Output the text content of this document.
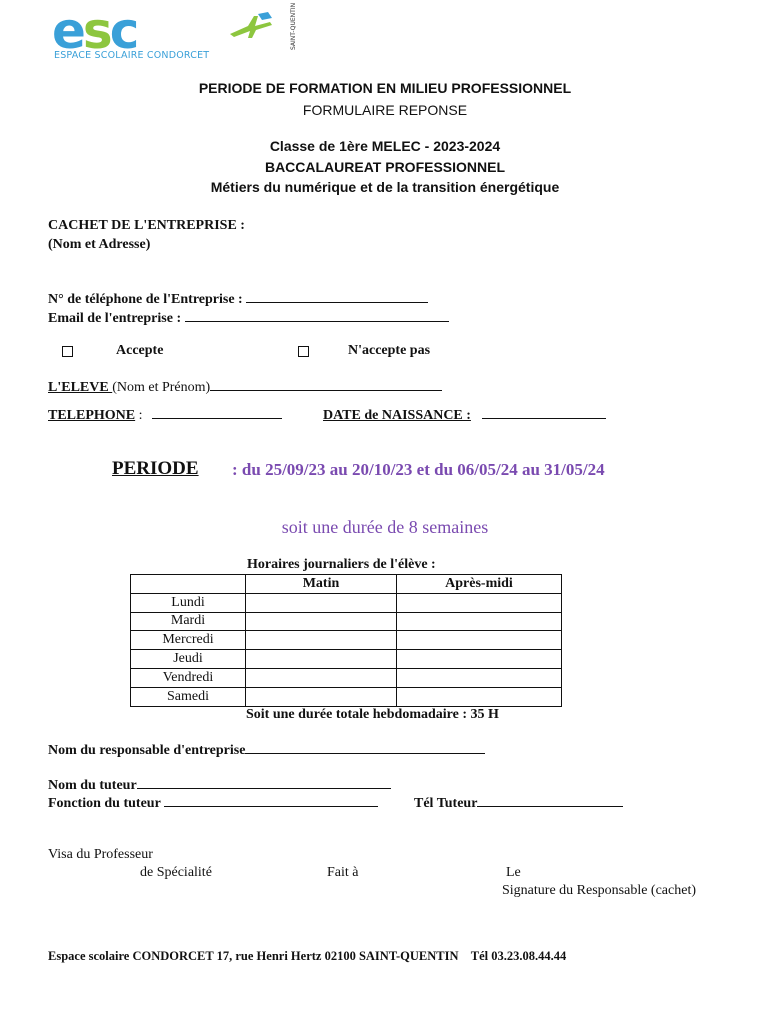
esc
ESPACE SCOLAIRE CONDORCET
SAINT-QUENTIN
PERIODE DE FORMATION EN MILIEU PROFESSIONNEL
FORMULAIRE REPONSE
Classe de 1ère MELEC - 2023-2024
BACCALAUREAT PROFESSIONNEL
Métiers du numérique et de la transition énergétique
CACHET DE L'ENTREPRISE :
(Nom et Adresse)
N° de téléphone de l'Entreprise :
Email de l'entreprise :
Accepte	N'accepte pas
L'ELEVE (Nom et Prénom)
TELEPHONE :	DATE de NAISSANCE :
PERIODE : du 25/09/23 au 20/10/23 et du 06/05/24 au 31/05/24
soit une durée de 8 semaines
Horaires journaliers de l'élève :
	Matin	Après-midi
Lundi		
Mardi		
Mercredi		
Jeudi		
Vendredi		
Samedi		
Soit une durée totale hebdomadaire : 35 H
Nom du responsable d'entreprise
Nom du tuteur
Fonction du tuteur	Tél Tuteur
Visa du Professeur
de Spécialité	Fait à	Le
Signature du Responsable (cachet)
Espace scolaire CONDORCET 17, rue Henri Hertz 02100 SAINT-QUENTIN    Tél 03.23.08.44.44
